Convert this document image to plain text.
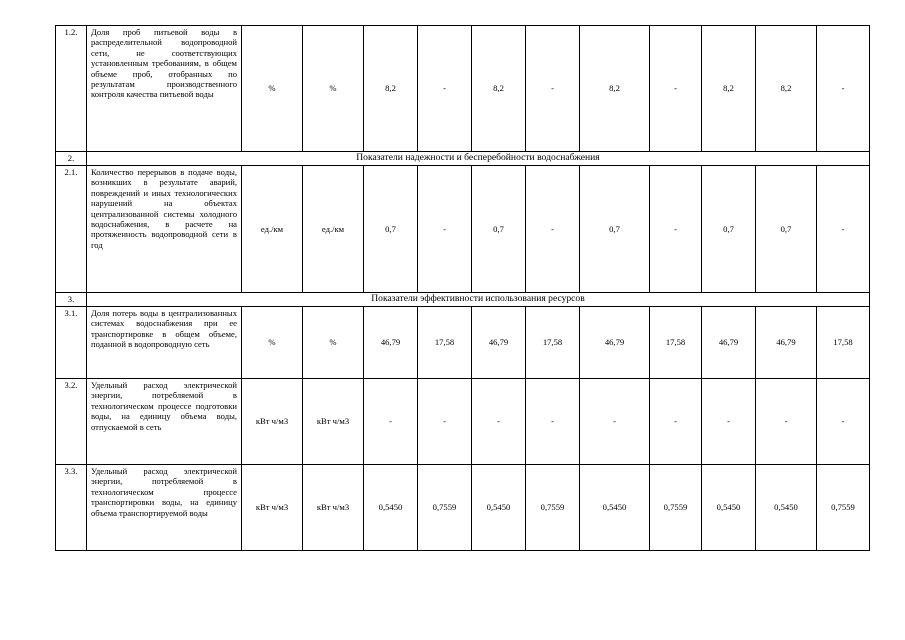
1.2.	Доля проб питьевой воды в распределительной водопроводной сети, не соответствующих установленным требованиям, в общем объеме проб, отобранных по результатам производственного контроля качества питьевой воды	%	%	8,2	-	8,2	-	8,2	-	8,2	8,2	-
2.	Показатели надежности и бесперебойности водоснабжения											
2.1.	Количество перерывов в подаче воды, возникших в результате аварий, повреждений и иных технологических нарушений на объектах централизованной системы холодного водоснабжения, в расчете на протяженность водопроводной сети в год	ед./км	ед./км	0,7	-	0,7	-	0,7	-	0,7	0,7	-
3.	Показатели эффективности использования ресурсов											
3.1.	Доля потерь воды в централизованных системах водоснабжения при ее транспортировке в общем объеме, поданной в водопроводную сеть	%	%	46,79	17,58	46,79	17,58	46,79	17,58	46,79	46,79	17,58
3.2.	Удельный расход электрической энергии, потребляемой в технологическом процессе подготовки воды, на единицу объема воды, отпускаемой в сеть	кВт ч/м3	кВт ч/м3	-	-	-	-	-	-	-	-	-
3.3.	Удельный расход электрической энергии, потребляемой в технологическом процессе транспортировки воды, на единицу объема транспортируемой воды	кВт ч/м3	кВт ч/м3	0,5450	0,7559	0,5450	0,7559	0,5450	0,7559	0,5450	0,5450	0,7559
